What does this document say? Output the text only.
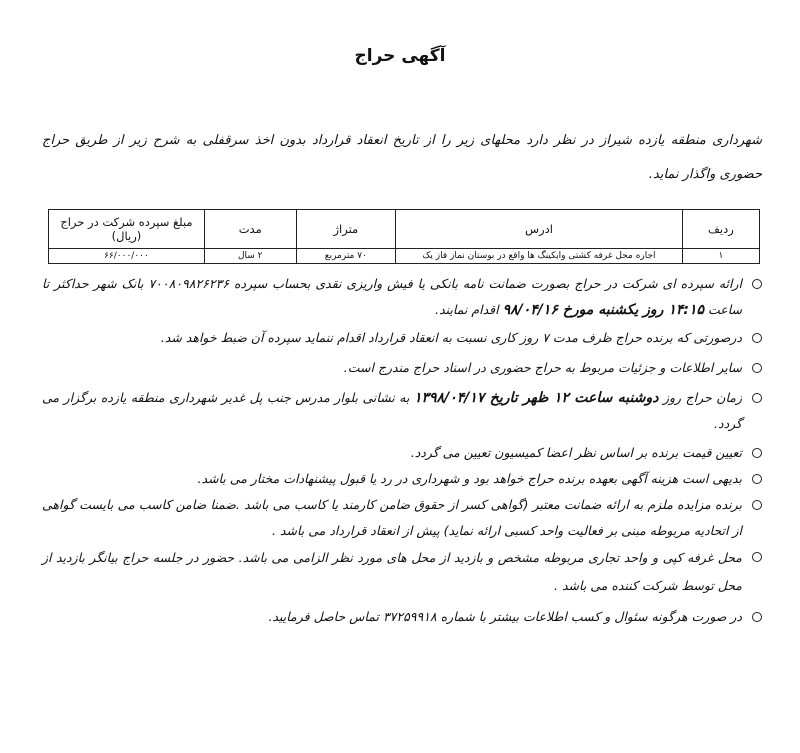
آگهی حراج
شهرداری منطقه یازده شیراز در نظر دارد محلهای زیر را از تاریخ انعقاد قرارداد بدون اخذ سرقفلی به شرح زیر از طریق حراج حضوری واگذار نماید.
ردیف	ادرس	متراژ	مدت	مبلغ سپرده شرکت در حراج (ریال)
۱	اجاره محل غرفه کشتی وایکینگ ها واقع در بوستان نماز فاز یک	۷۰ مترمربع	۲ سال	۶۶/۰۰۰/۰۰۰
ارائه سپرده ای شرکت در حراج بصورت ضمانت نامه بانکی یا فیش واریزی نقدی بحساب سپرده ۷۰۰۸۰۹۸۲۶۲۳۶ بانک شهر حداکثر تا ساعت ۱۴:۱۵ روز یکشنبه مورخ ۹۸/۰۴/۱۶ اقدام نمایند.
درصورتی که برنده حراج ظرف مدت ۷ روز کاری نسبت به انعقاد قرارداد اقدام ننماید سپرده آن ضبط خواهد شد.
سایر اطلاعات و جزئیات مربوط به حراج حضوری در اسناد حراج مندرج است.
زمان حراج روز دوشنبه ساعت ۱۲ ظهر تاریخ ۱۳۹۸/۰۴/۱۷ به نشانی بلوار مدرس جنب پل غدیر شهرداری منطقه یازده برگزار می گردد.
تعیین قیمت برنده بر اساس نظر اعضا کمیسیون تعیین می گردد.
بدیهی است هزینه آگهی بعهده برنده حراج خواهد بود و شهرداری در رد یا قبول پیشنهادات مختار می باشد.
برنده مزایده ملزم به ارائه ضمانت معتبر (گواهی کسر از حقوق ضامن کارمند یا کاسب می باشد .ضمنا ضامن کاسب می بایست گواهی از اتحادیه مربوطه مبنی بر فعالیت واحد کسبی ارائه نماید) پیش از انعقاد قرارداد می باشد .
محل غرفه کپی و واحد تجاری مربوطه مشخص و بازدید از محل های مورد نظر الزامی می باشد. حضور در جلسه حراج بیانگر بازدید از محل توسط شرکت کننده می باشد .
در صورت هرگونه سئوال و کسب اطلاعات بیشتر با شماره ۳۷۲۵۹۹۱۸ تماس حاصل فرمایید.
